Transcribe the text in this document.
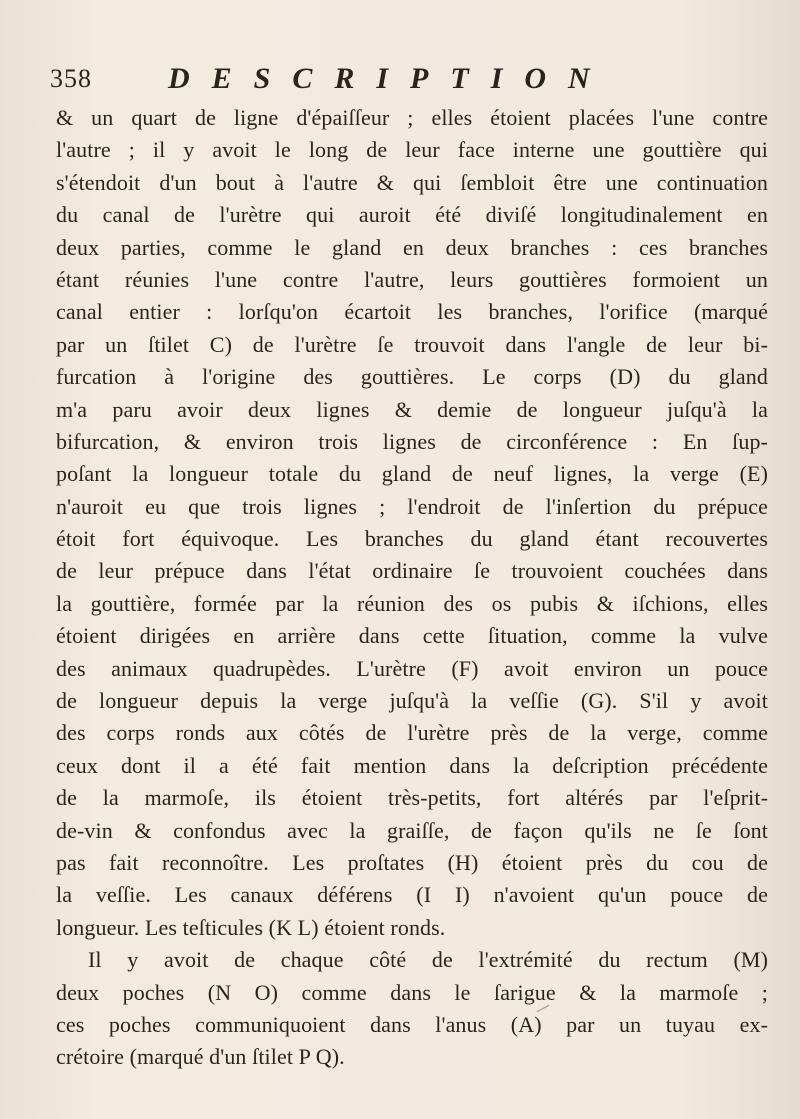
358	DESCRIPTION
& un quart de ligne d'épaiſſeur ; elles étoient placées l'une contre
l'autre ; il y avoit le long de leur face interne une gouttière qui
s'étendoit d'un bout à l'autre & qui ſembloit être une continuation
du canal de l'urètre qui auroit été diviſé longitudinalement en
deux parties, comme le gland en deux branches : ces branches
étant réunies l'une contre l'autre, leurs gouttières formoient un
canal entier : lorſqu'on écartoit les branches, l'orifice (marqué
par un ſtilet C) de l'urètre ſe trouvoit dans l'angle de leur bi-
furcation à l'origine des gouttières. Le corps (D) du gland
m'a paru avoir deux lignes & demie de longueur juſqu'à la
bifurcation, & environ trois lignes de circonférence : En ſup-
poſant la longueur totale du gland de neuf lignes, la verge (E)
n'auroit eu que trois lignes ; l'endroit de l'inſertion du prépuce
étoit fort équivoque. Les branches du gland étant recouvertes
de leur prépuce dans l'état ordinaire ſe trouvoient couchées dans
la gouttière, formée par la réunion des os pubis & iſchions, elles
étoient dirigées en arrière dans cette ſituation, comme la vulve
des animaux quadrupèdes. L'urètre (F) avoit environ un pouce
de longueur depuis la verge juſqu'à la veſſie (G). S'il y avoit
des corps ronds aux côtés de l'urètre près de la verge, comme
ceux dont il a été fait mention dans la deſcription précédente
de la marmoſe, ils étoient très-petits, fort altérés par l'eſprit-
de-vin & confondus avec la graiſſe, de façon qu'ils ne ſe ſont
pas fait reconnoître. Les proſtates (H) étoient près du cou de
la veſſie. Les canaux déférens (I I) n'avoient qu'un pouce de
longueur. Les teſticules (K L) étoient ronds.
Il y avoit de chaque côté de l'extrémité du rectum (M)
deux poches (N O) comme dans le ſarigue & la marmoſe ;
ces poches communiquoient dans l'anus (A) par un tuyau ex-
crétoire (marqué d'un ſtilet P Q).
